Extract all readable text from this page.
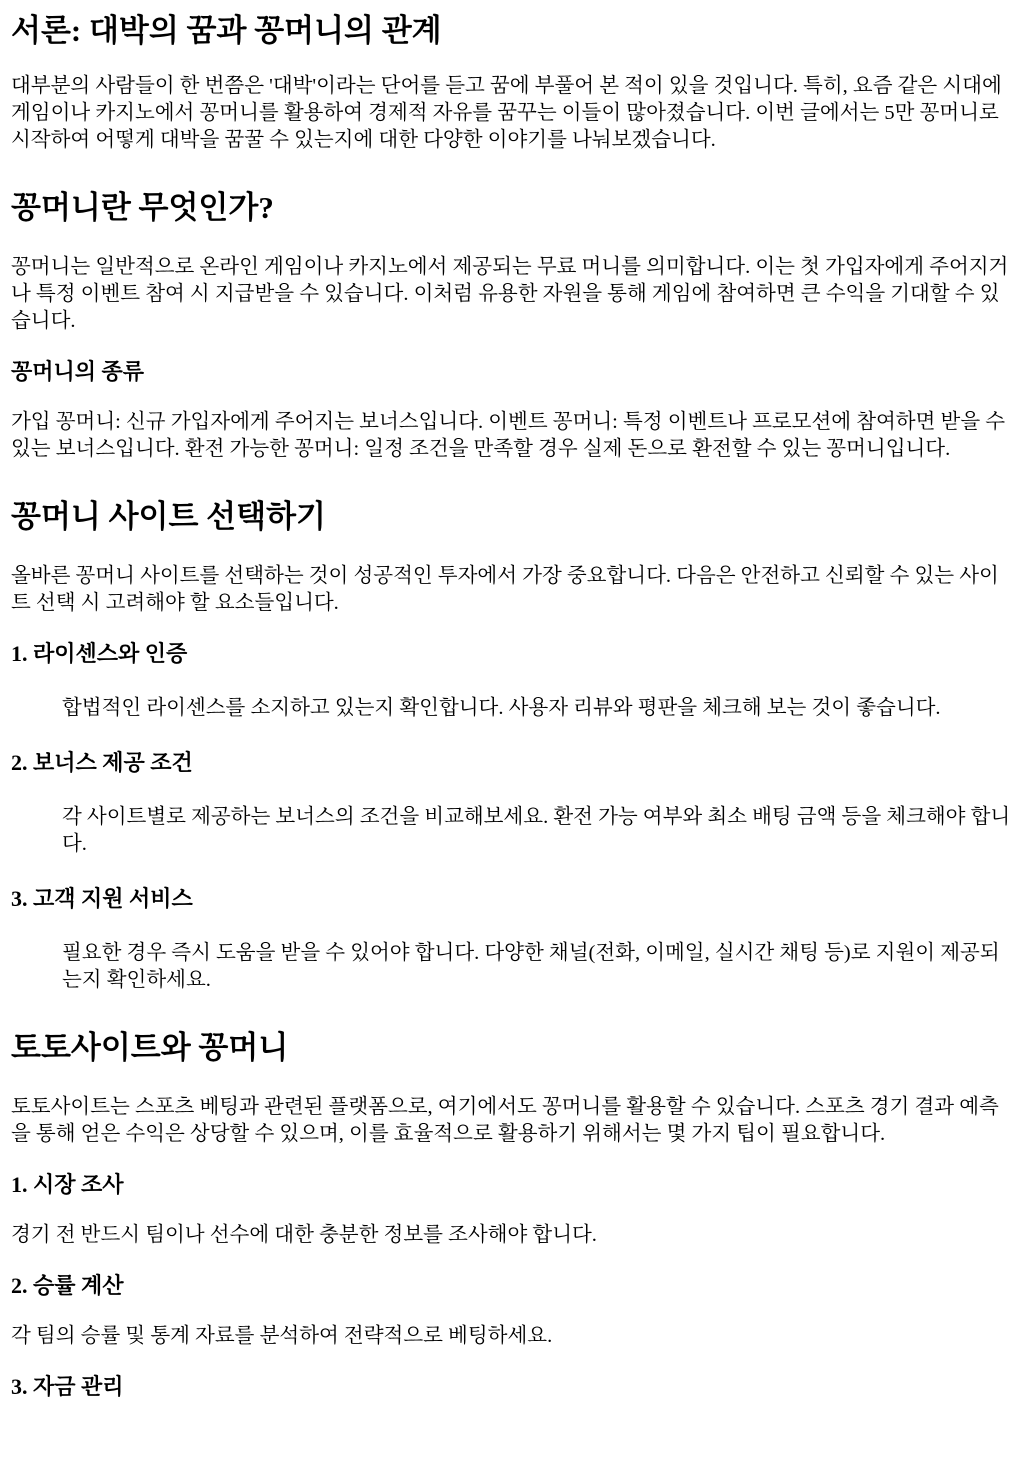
서론: 대박의 꿈과 꽁머니의 관계

대부분의 사람들이 한 번쯤은 '대박'이라는 단어를 듣고 꿈에 부풀어 본 적이 있을 것입니다. 특히, 요즘 같은 시대에 게임이나 카지노에서 꽁머니를 활용하여 경제적 자유를 꿈꾸는 이들이 많아졌습니다. 이번 글에서는 5만 꽁머니로 시작하여 어떻게 대박을 꿈꿀 수 있는지에 대한 다양한 이야기를 나눠보겠습니다.

꽁머니란 무엇인가?

꽁머니는 일반적으로 온라인 게임이나 카지노에서 제공되는 무료 머니를 의미합니다. 이는 첫 가입자에게 주어지거나 특정 이벤트 참여 시 지급받을 수 있습니다. 이처럼 유용한 자원을 통해 게임에 참여하면 큰 수익을 기대할 수 있습니다.

꽁머니의 종류

가입 꽁머니: 신규 가입자에게 주어지는 보너스입니다. 이벤트 꽁머니: 특정 이벤트나 프로모션에 참여하면 받을 수 있는 보너스입니다. 환전 가능한 꽁머니: 일정 조건을 만족할 경우 실제 돈으로 환전할 수 있는 꽁머니입니다.

꽁머니 사이트 선택하기

올바른 꽁머니 사이트를 선택하는 것이 성공적인 투자에서 가장 중요합니다. 다음은 안전하고 신뢰할 수 있는 사이트 선택 시 고려해야 할 요소들입니다.

1. 라이센스와 인증

합법적인 라이센스를 소지하고 있는지 확인합니다. 사용자 리뷰와 평판을 체크해 보는 것이 좋습니다.

2. 보너스 제공 조건

각 사이트별로 제공하는 보너스의 조건을 비교해보세요. 환전 가능 여부와 최소 배팅 금액 등을 체크해야 합니다.

3. 고객 지원 서비스

필요한 경우 즉시 도움을 받을 수 있어야 합니다. 다양한 채널(전화, 이메일, 실시간 채팅 등)로 지원이 제공되는지 확인하세요.

토토사이트와 꽁머니

토토사이트는 스포츠 베팅과 관련된 플랫폼으로, 여기에서도 꽁머니를 활용할 수 있습니다. 스포츠 경기 결과 예측을 통해 얻은 수익은 상당할 수 있으며, 이를 효율적으로 활용하기 위해서는 몇 가지 팁이 필요합니다.

1. 시장 조사

경기 전 반드시 팀이나 선수에 대한 충분한 정보를 조사해야 합니다.

2. 승률 계산

각 팀의 승률 및 통계 자료를 분석하여 전략적으로 베팅하세요.

3. 자금 관리
